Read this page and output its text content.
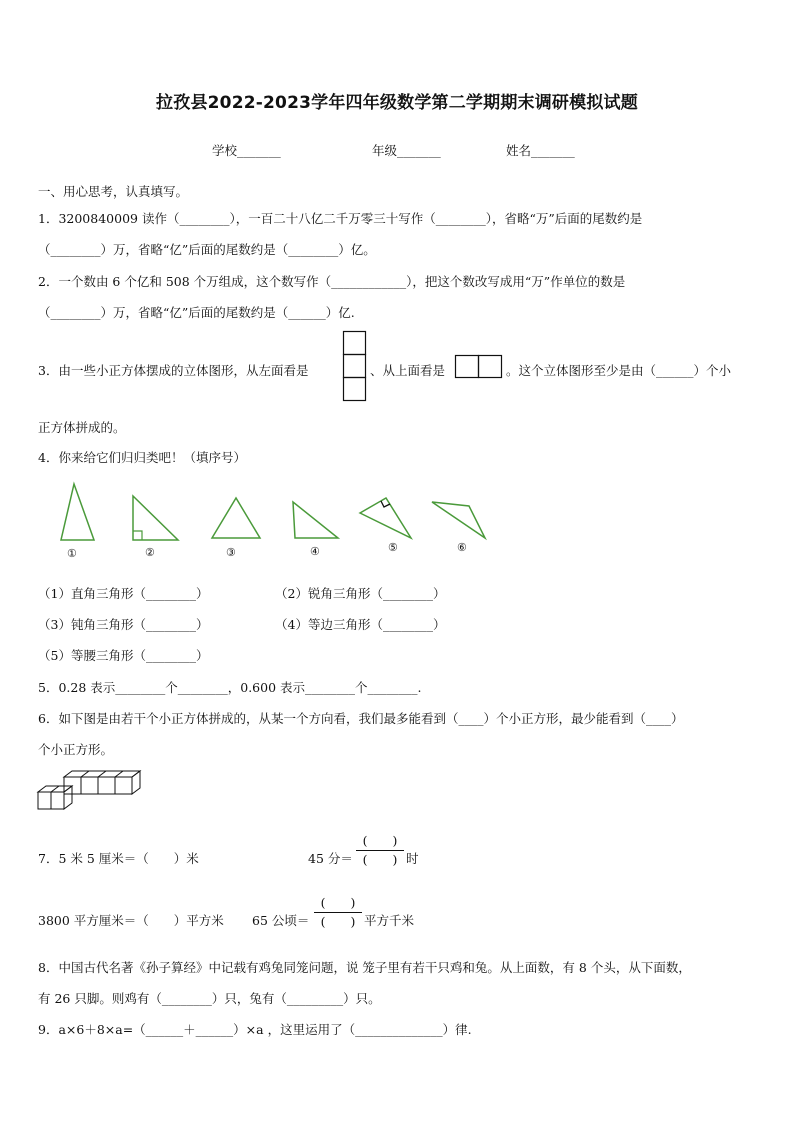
拉孜县2022-2023学年四年级数学第二学期期末调研模拟试题
学校_______	年级_______	姓名_______
一、用心思考，认真填写。
1．3200840009 读作（________），一百二十八亿二千万零三十写作（________），省略“万”后面的尾数约是
（________）万，省略“亿”后面的尾数约是（________）亿。
2．一个数由 6 个亿和 508 个万组成，这个数写作（____________），把这个数改写成用“万”作单位的数是
（________）万，省略“亿”后面的尾数约是（______）亿.
3．由一些小正方体摆成的立体图形，从左面看是	、从上面看是	。这个立体图形至少是由（______）个小
正方体拼成的。
4．你来给它们归归类吧！（填序号）
①	②	③	④	⑤	⑥
（1）直角三角形（________）	（2）锐角三角形（________）
（3）钝角三角形（________）	（4）等边三角形（________）
（5）等腰三角形（________）
5．0.28 表示________个________，0.600 表示________个________.
6．如下图是由若干个小正方体拼成的，从某一个方向看，我们最多能看到（____）个小正方形，最少能看到（____）
个小正方形。
7．5 米 5 厘米＝（　　）米	45 分＝
(　　)
(　　) 时
3800 平方厘米＝（　　）平方米 65 公顷＝
(　　)
(　　) 平方千米
8．中国古代名著《孙子算经》中记载有鸡兔同笼问题，说 笼子里有若干只鸡和兔。从上面数，有 8 个头，从下面数，
有 26 只脚。则鸡有（________）只，兔有（_________）只。
9．a×6＋8×a=（______＋______）×a ，这里运用了（______________）律.
